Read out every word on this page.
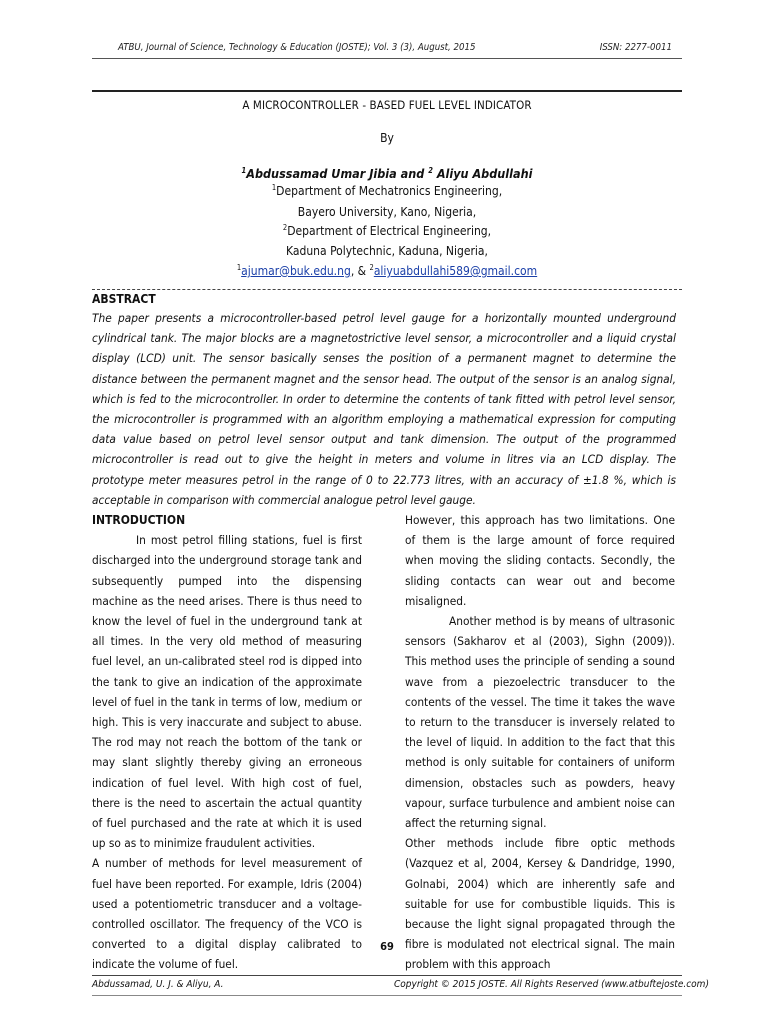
ATBU, Journal of Science, Technology & Education (JOSTE); Vol. 3 (3), August, 2015	ISSN: 2277-0011
A MICROCONTROLLER - BASED FUEL LEVEL INDICATOR
By
$^1$Abdussamad Umar Jibia and $^2$ Aliyu Abdullahi
$^1$Department of Mechatronics Engineering,
Bayero University, Kano, Nigeria,
$^2$Department of Electrical Engineering,
Kaduna Polytechnic, Kaduna, Nigeria,
$^1$ajumar@buk.edu.ng, & $^2$aliyuabdullahi589@gmail.com
ABSTRACT
The paper presents a microcontroller-based petrol level gauge for a horizontally mounted underground cylindrical tank. The major blocks are a magnetostrictive level sensor, a microcontroller and a liquid crystal display (LCD) unit. The sensor basically senses the position of a permanent magnet to determine the distance between the permanent magnet and the sensor head. The output of the sensor is an analog signal, which is fed to the microcontroller. In order to determine the contents of tank fitted with petrol level sensor, the microcontroller is programmed with an algorithm employing a mathematical expression for computing data value based on petrol level sensor output and tank dimension. The output of the programmed microcontroller is read out to give the height in meters and volume in litres via an LCD display. The prototype meter measures petrol in the range of 0 to 22.773 litres, with an accuracy of ±1.8 %, which is acceptable in comparison with commercial analogue petrol level gauge.
INTRODUCTION

In most petrol filling stations, fuel is first discharged into the underground storage tank and subsequently pumped into the dispensing machine as the need arises. There is thus need to know the level of fuel in the underground tank at all times. In the very old method of measuring fuel level, an un-calibrated steel rod is dipped into the tank to give an indication of the approximate level of fuel in the tank in terms of low, medium or high. This is very inaccurate and subject to abuse. The rod may not reach the bottom of the tank or may slant slightly thereby giving an erroneous indication of fuel level. With high cost of fuel, there is the need to ascertain the actual quantity of fuel purchased and the rate at which it is used up so as to minimize fraudulent activities.

A number of methods for level measurement of fuel have been reported. For example, Idris (2004) used a potentiometric transducer and a voltage-controlled oscillator. The frequency of the VCO is converted to a digital display calibrated to indicate the volume of fuel.

However, this approach has two limitations. One of them is the large amount of force required when moving the sliding contacts. Secondly, the sliding contacts can wear out and become misaligned.

Another method is by means of ultrasonic sensors (Sakharov et al (2003), Sighn (2009)). This method uses the principle of sending a sound wave from a piezoelectric transducer to the contents of the vessel. The time it takes the wave to return to the transducer is inversely related to the level of liquid. In addition to the fact that this method is only suitable for containers of uniform dimension, obstacles such as powders, heavy vapour, surface turbulence and ambient noise can affect the returning signal.

Other methods include fibre optic methods (Vazquez et al, 2004, Kersey & Dandridge, 1990, Golnabi, 2004) which are inherently safe and suitable for use for combustible liquids. This is because the light signal propagated through the fibre is modulated not electrical signal. The main problem with this approach

69
Abdussamad, U. J. & Aliyu, A.	Copyright © 2015 JOSTE. All Rights Reserved (www.atbuftejoste.com)
